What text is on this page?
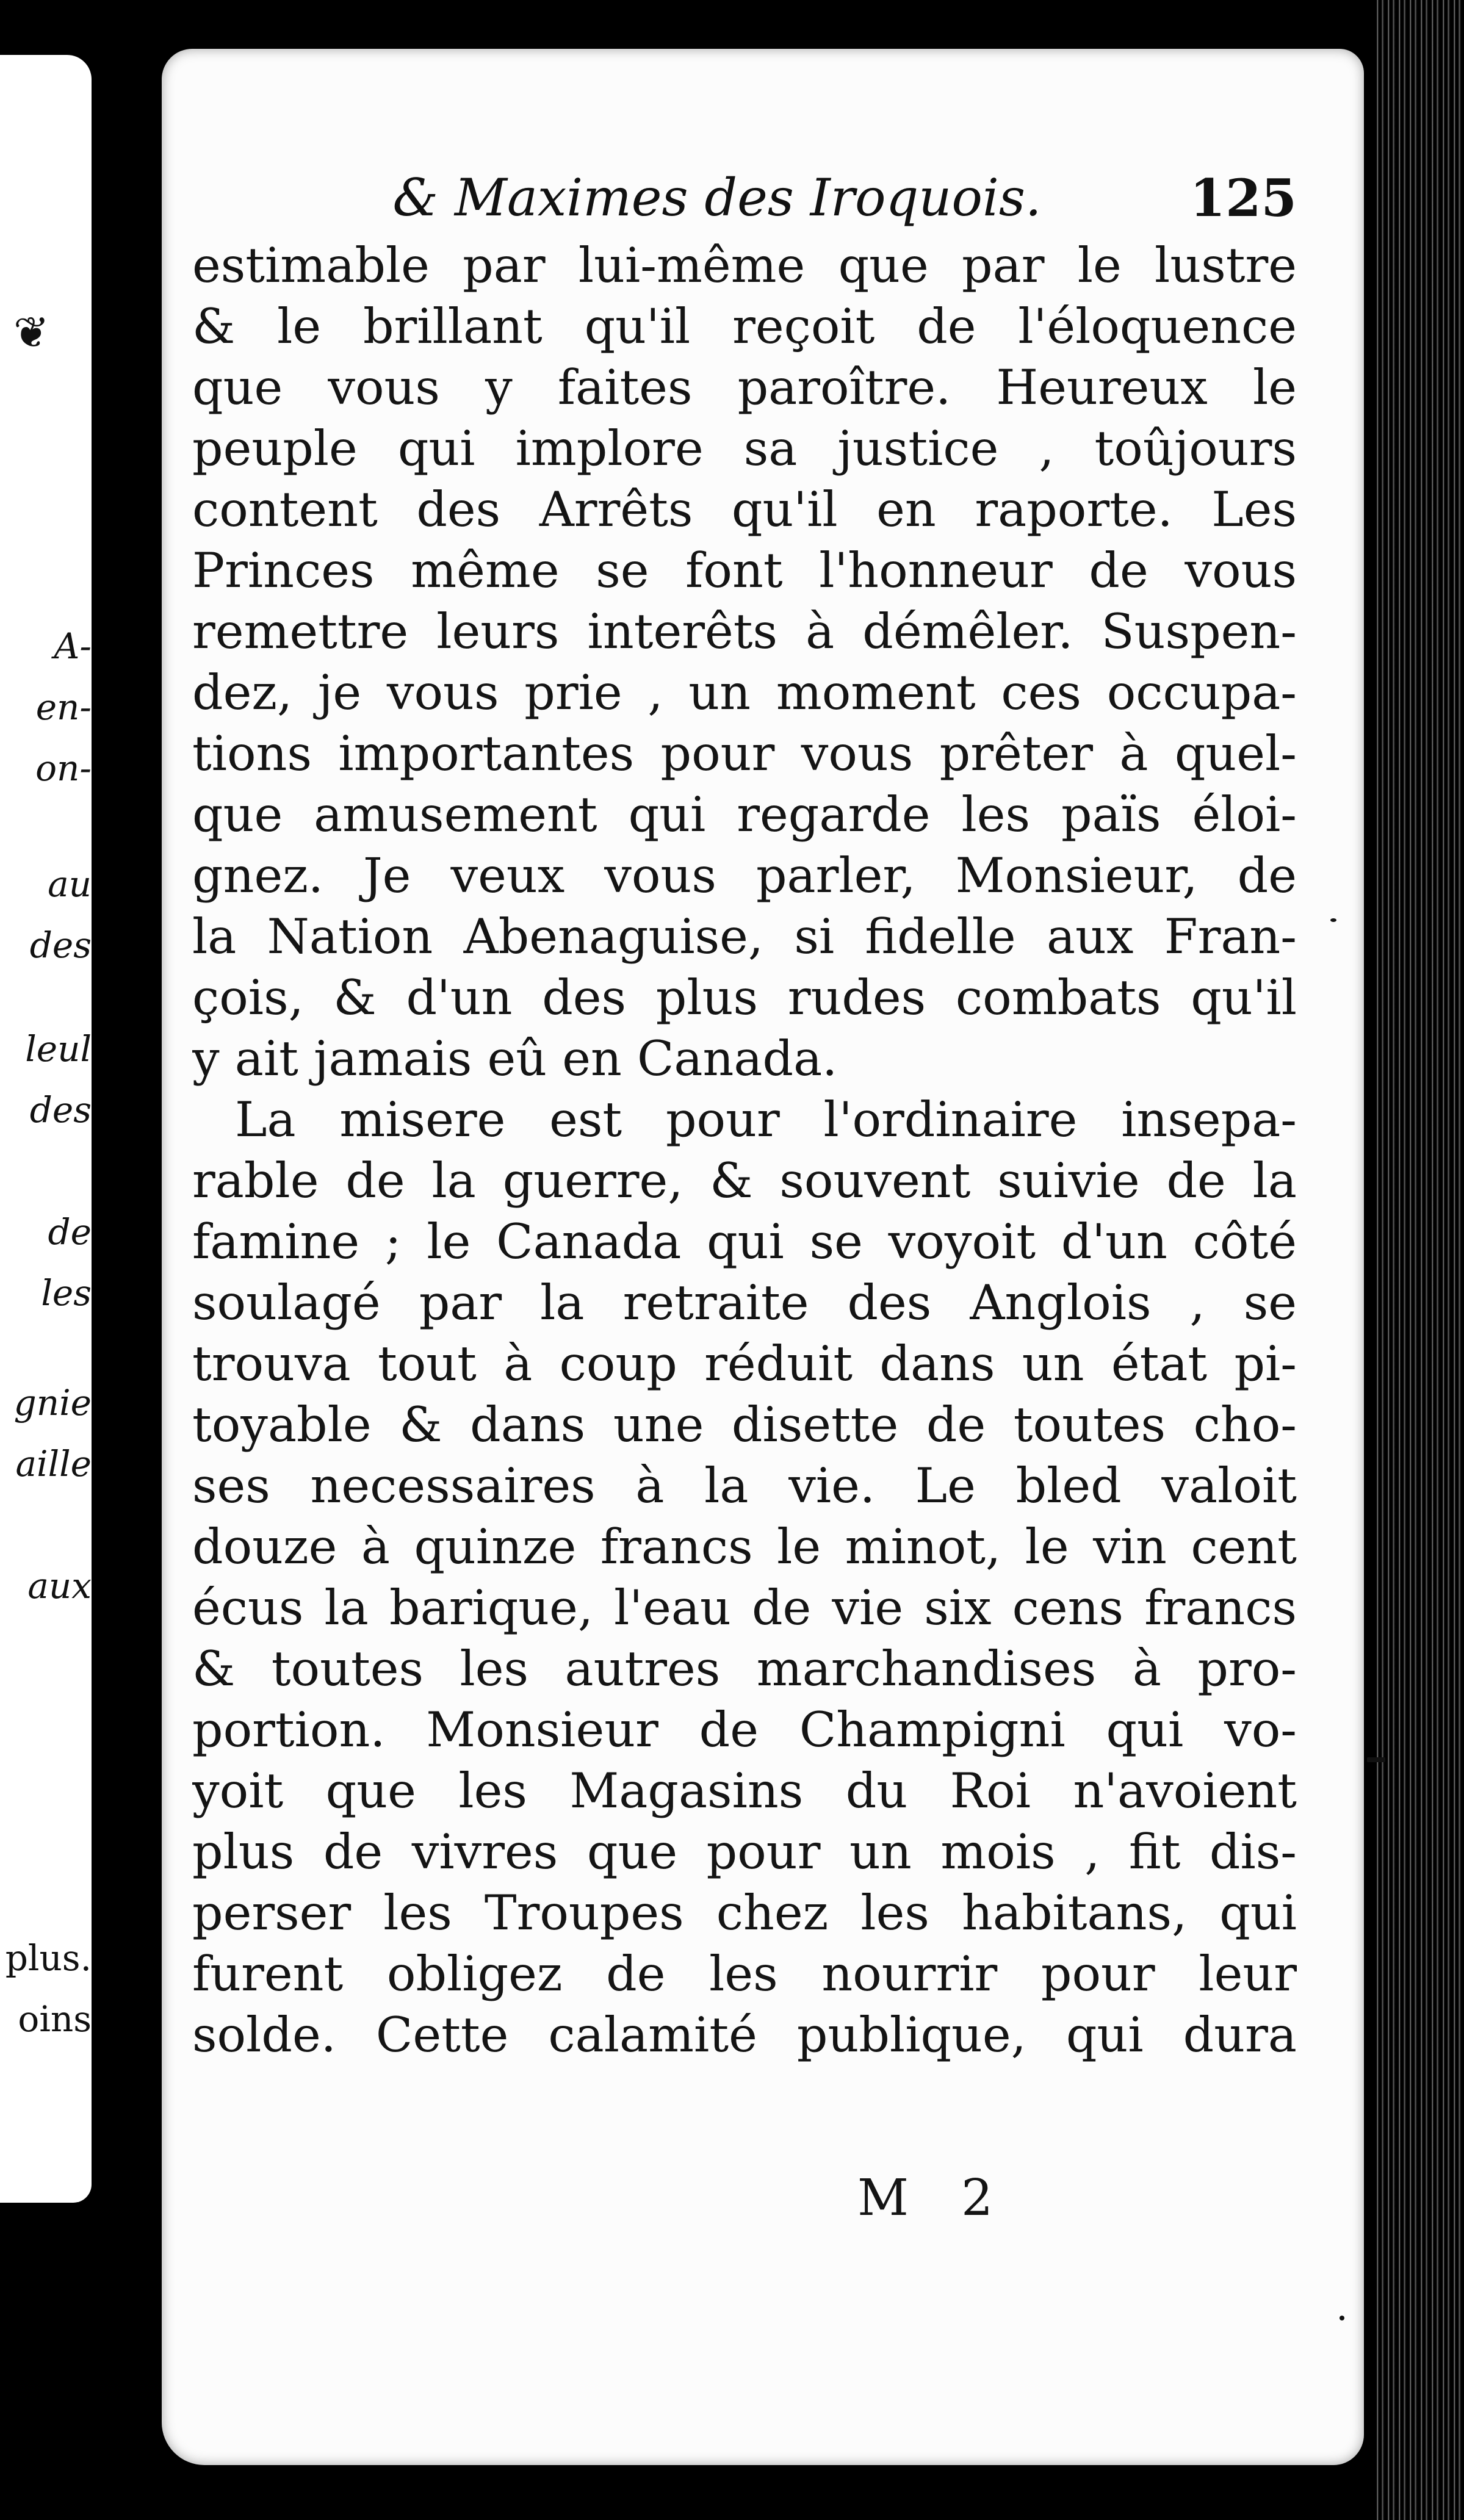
❦
A-
en-
on-
au
des
leul
des
de
les
gnie
aille
aux
plus.
oins
& Maximes des Iroquois.	125
estimable par lui-même que par le lustre
& le brillant qu'il reçoit de l'éloquence
que vous y faites paroître. Heureux le
peuple qui implore sa justice , toûjours
content des Arrêts qu'il en raporte. Les
Princes même se font l'honneur de vous
remettre leurs interêts à démêler. Suspen-
dez, je vous prie , un moment ces occupa-
tions importantes pour vous prêter à quel-
que amusement qui regarde les païs éloi-
gnez. Je veux vous parler, Monsieur, de
la Nation Abenaguise, si fidelle aux Fran-
çois, & d'un des plus rudes combats qu'il
y ait jamais eû en Canada.
La misere est pour l'ordinaire insepa-
rable de la guerre, & souvent suivie de la
famine ; le Canada qui se voyoit d'un côté
soulagé par la retraite des Anglois , se
trouva tout à coup réduit dans un état pi-
toyable & dans une disette de toutes cho-
ses necessaires à la vie. Le bled valoit
douze à quinze francs le minot, le vin cent
écus la barique, l'eau de vie six cens francs
& toutes les autres marchandises à pro-
portion. Monsieur de Champigni qui vo-
yoit que les Magasins du Roi n'avoient
plus de vivres que pour un mois , fit dis-
perser les Troupes chez les habitans, qui
furent obligez de les nourrir pour leur
solde. Cette calamité publique, qui dura
M 2
